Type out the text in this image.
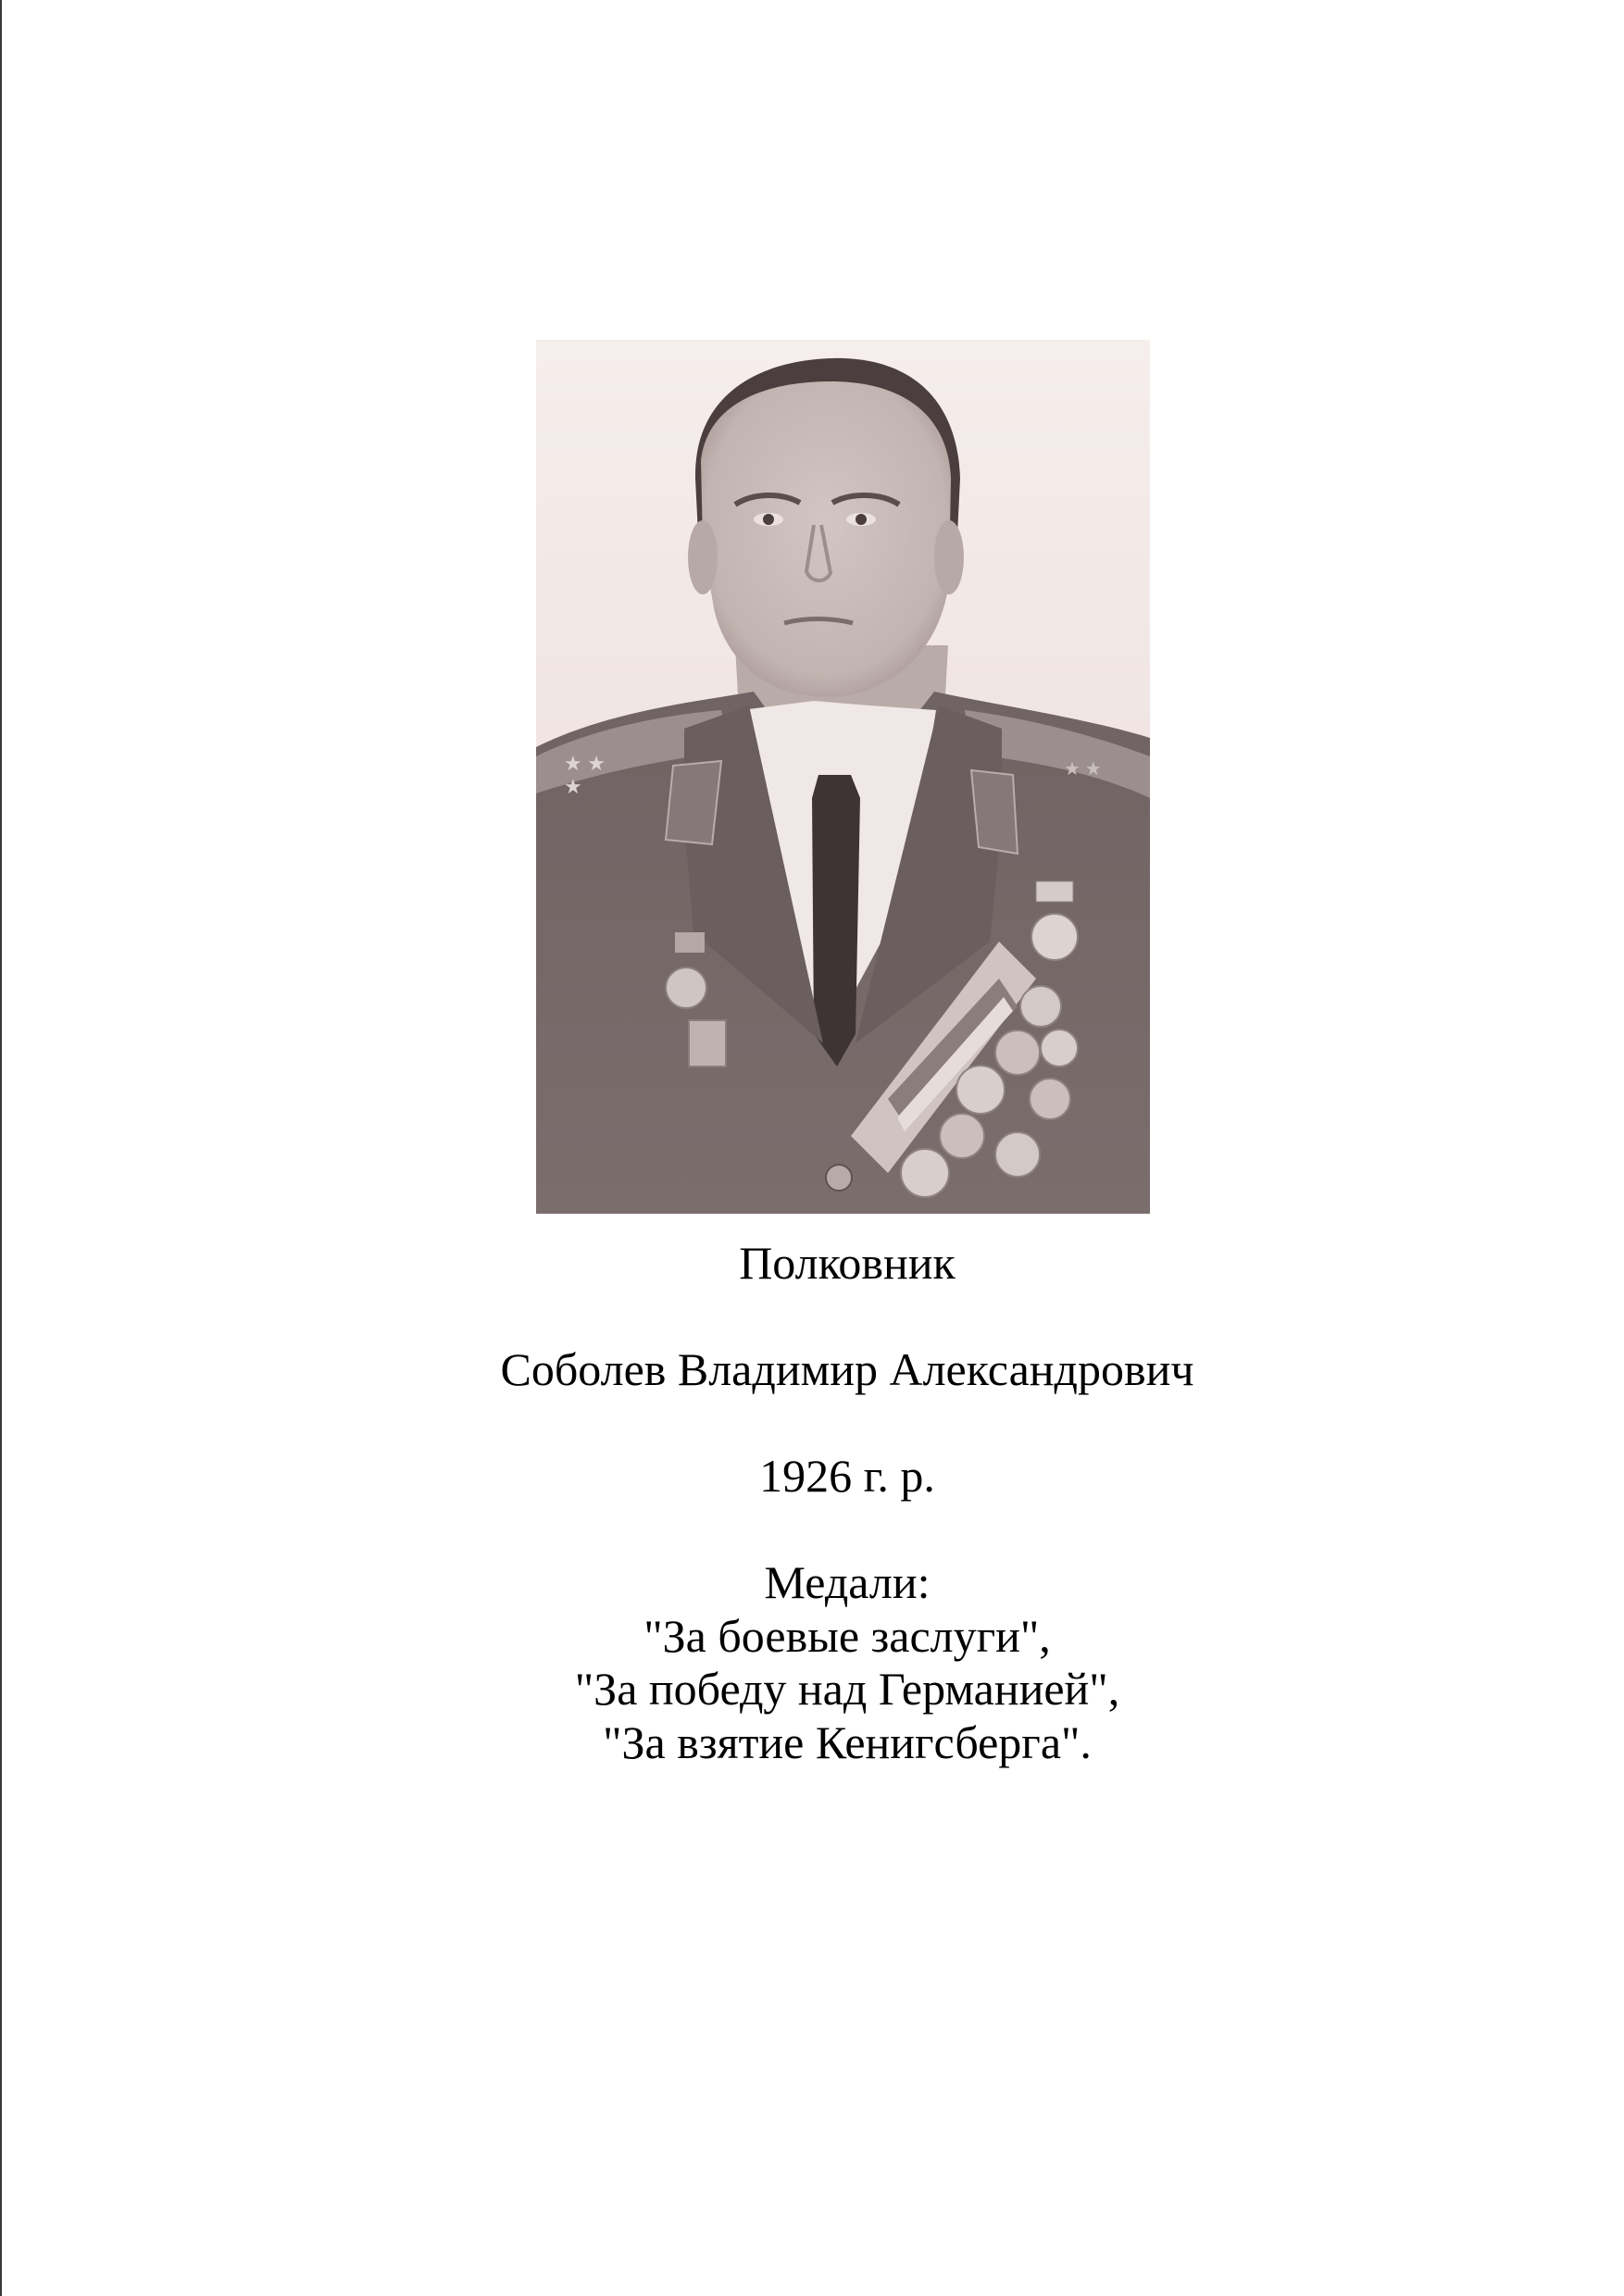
★ ★
★
★ ★
Полковник
Соболев Владимир Александрович
1926 г. р.
Медали:
"За боевые заслуги",
"За победу над Германией",
"За взятие Кенигсберга".
